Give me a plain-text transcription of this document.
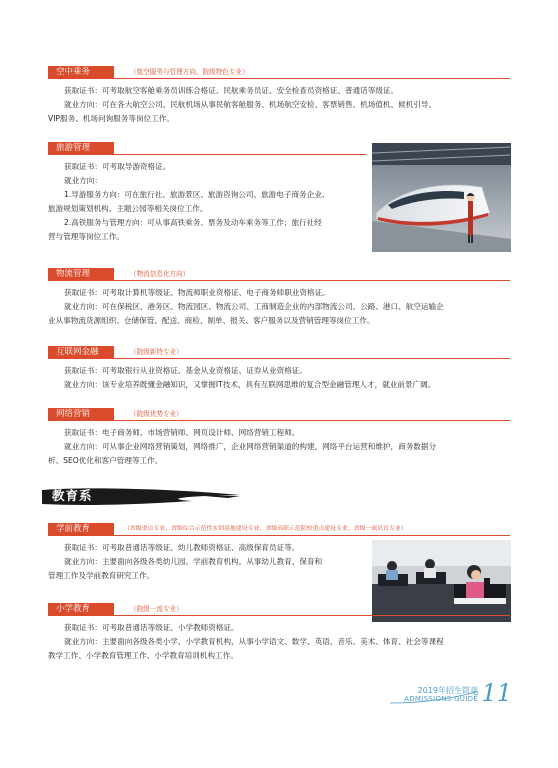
空中乘务	（航空服务与管理方向、院级特色专业）

获取证书：可考取航空客舱乘务员训练合格证、民航乘务员证、安全检查员资格证、普通话等级证。

就业方向：可在各大航空公司、民航机场从事民航客舱服务、机场航空安检、客票销售、机场值机、候机引导、

VIP服务、机场问询服务等岗位工作。

旅游管理

获取证书：可考取导游资格证。

就业方向：

1.导游服务方向：可在旅行社、旅游景区、旅游咨询公司、旅游电子商务企业、

旅游规划策划机构、主题公园等相关岗位工作。

2.高铁服务与管理方向：可从事高铁乘务、票务及动车乘务等工作；旅行社经

营与管理等岗位工作。

物流管理	（物流信息化方向）

获取证书：可考取计算机等级证、物流师职业资格证、电子商务师职业资格证。

就业方向：可在保税区、港务区、物流园区、物流公司、工商制造企业的内部物流公司、公路、港口、航空运输企

业从事物流货源组织、仓储保管、配送、商检、制单、报关、客户服务以及营销管理等岗位工作。

互联网金融	（院级新特专业）

获取证书：可考取银行从业资格证、基金从业资格证、证券从业资格证。

就业方向：该专业培养既懂金融知识，又掌握IT技术，具有互联网思维的复合型金融管理人才，就业前景广阔。

网络营销	（院级优势专业）

获取证书：电子商务师、市场营销师、网页设计师、网络营销工程师。

就业方向：可从事企业网络营销策划，网络推广，企业网络营销渠道的构建，网络平台运营和维护，商务数据分

析、SEO优化和客户管理等工作。

教育系
学前教育	（省级重点专业、省级综合示范性实训基地建设专业、省级高职示范院校重点建设专业、省级一流培育专业）

获取证书：可考取普通话等级证、幼儿教师资格证、高级保育员证等。

就业方向：主要面向各级各类幼儿园、学前教育机构。从事幼儿教育、保育和

管理工作及学前教育研究工作。

小学教育	（院级一流专业）

获取证书：可考取普通话等级证、小学教师资格证。

就业方向：主要面向各级各类小学、小学教育机构，从事小学语文、数学、英语、音乐、美术、体育、社会等课程

教学工作、小学教育管理工作、小学教育培训机构工作。

2019年招生简章
ADMISSIONS GUIDE 11
